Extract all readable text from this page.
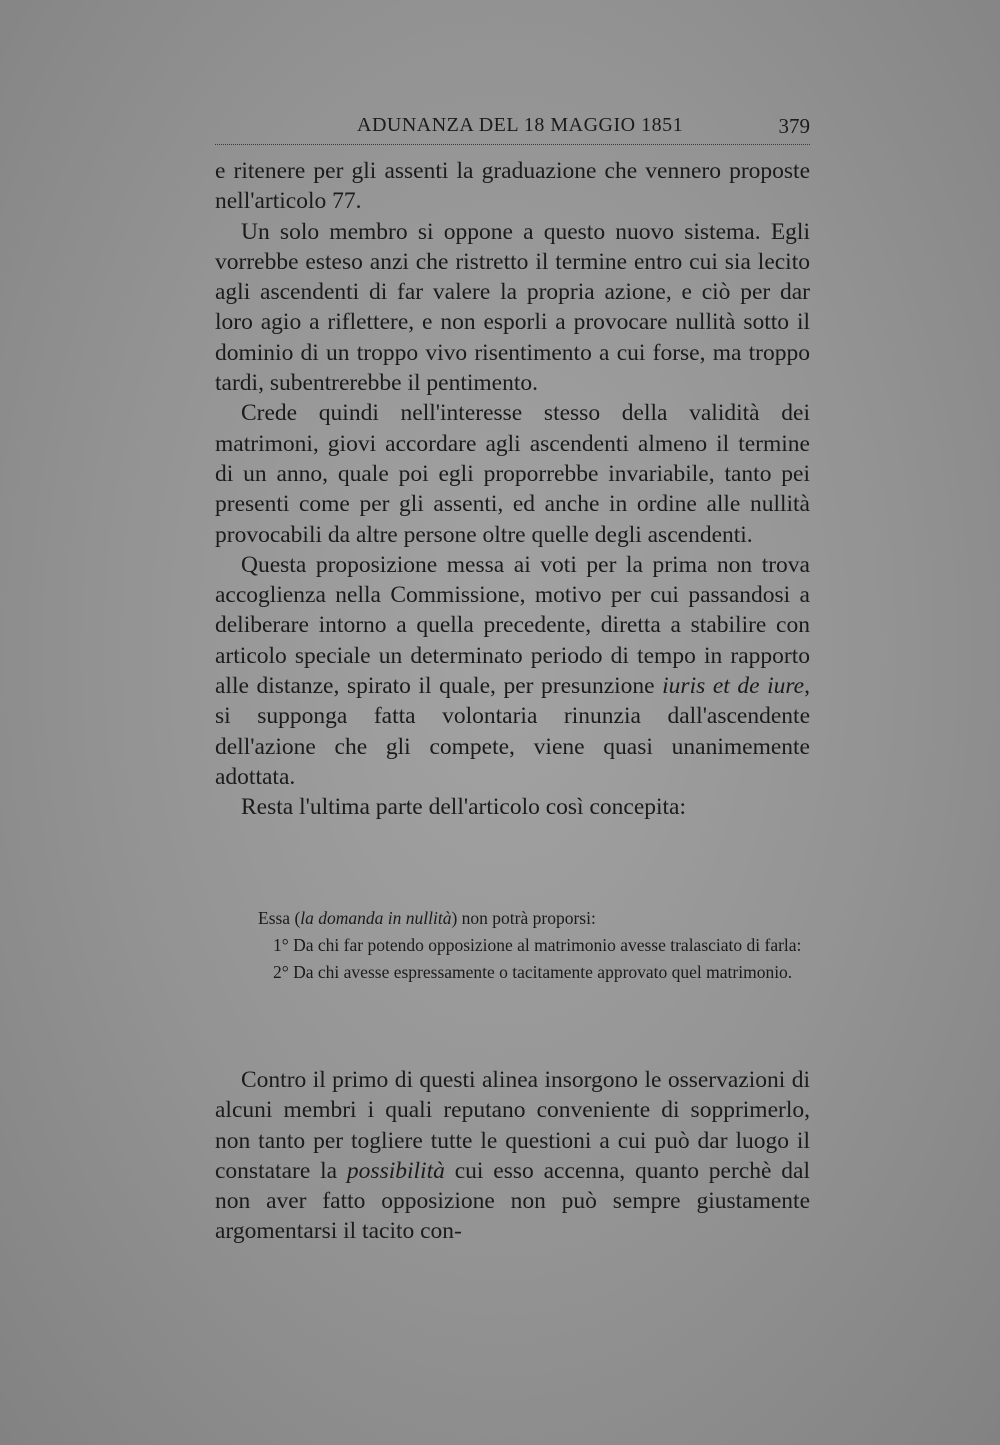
ADUNANZA DEL 18 MAGGIO 1851	379

e ritenere per gli assenti la graduazione che vennero proposte nell'articolo 77.

Un solo membro si oppone a questo nuovo sistema. Egli vorrebbe esteso anzi che ristretto il termine entro cui sia lecito agli ascendenti di far valere la propria azione, e ciò per dar loro agio a riflettere, e non esporli a provocare nullità sotto il dominio di un troppo vivo risentimento a cui forse, ma troppo tardi, subentrerebbe il pentimento.

Crede quindi nell'interesse stesso della validità dei matrimoni, giovi accordare agli ascendenti almeno il termine di un anno, quale poi egli proporrebbe invariabile, tanto pei presenti come per gli assenti, ed anche in ordine alle nullità provocabili da altre persone oltre quelle degli ascendenti.

Questa proposizione messa ai voti per la prima non trova accoglienza nella Commissione, motivo per cui passandosi a deliberare intorno a quella precedente, diretta a stabilire con articolo speciale un determinato periodo di tempo in rapporto alle distanze, spirato il quale, per presunzione iuris et de iure, si supponga fatta volontaria rinunzia dall'ascendente dell'azione che gli compete, viene quasi unanimemente adottata.

Resta l'ultima parte dell'articolo così concepita:

Essa (la domanda in nullità) non potrà proporsi:

1° Da chi far potendo opposizione al matrimonio avesse tralasciato di farla:

2° Da chi avesse espressamente o tacitamente approvato quel matrimonio.

Contro il primo di questi alinea insorgono le osservazioni di alcuni membri i quali reputano conveniente di sopprimerlo, non tanto per togliere tutte le questioni a cui può dar luogo il constatare la possibilità cui esso accenna, quanto perchè dal non aver fatto opposizione non può sempre giustamente argomentarsi il tacito con-
